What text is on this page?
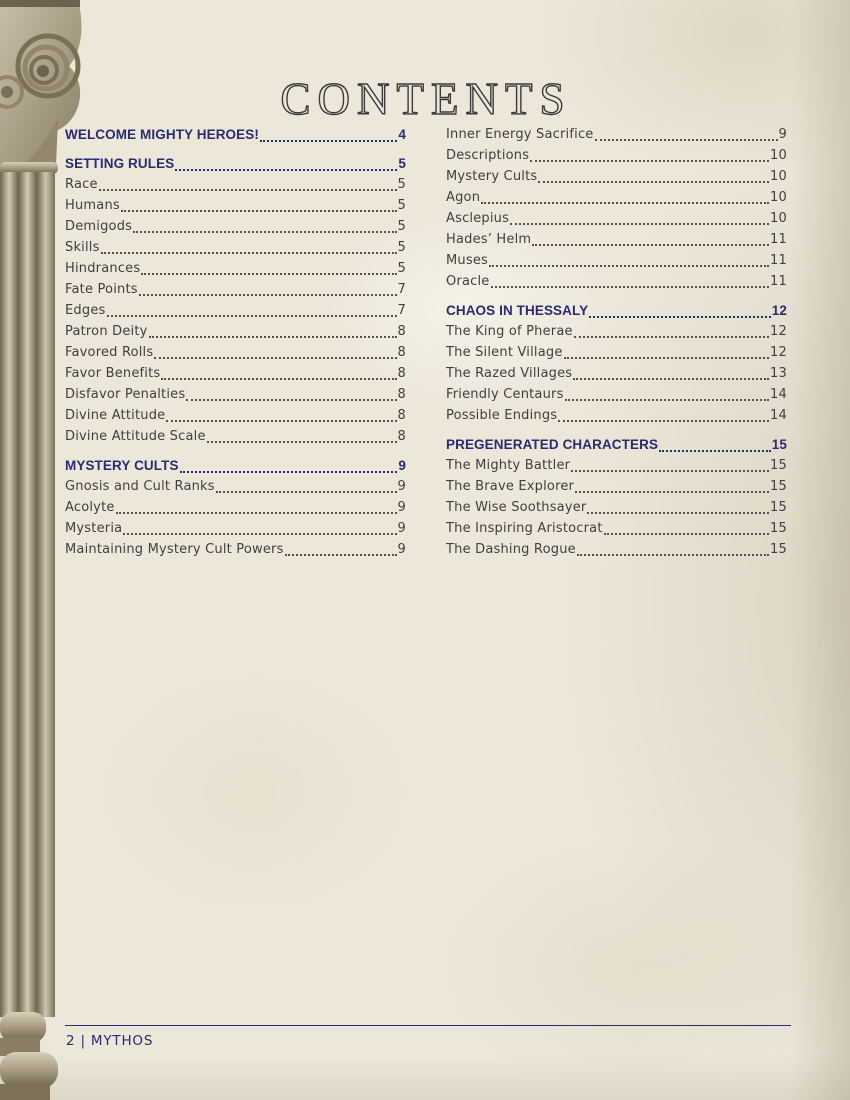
CONTENTS
WELCOME MIGHTY HEROES!	4
SETTING RULES	5
Race	5
Humans	5
Demigods	5
Skills	5
Hindrances	5
Fate Points	7
Edges	7
Patron Deity	8
Favored Rolls	8
Favor Benefits	8
Disfavor Penalties	8
Divine Attitude	8
Divine Attitude Scale	8
MYSTERY CULTS	9
Gnosis and Cult Ranks	9
Acolyte	9
Mysteria	9
Maintaining Mystery Cult Powers	9
Inner Energy Sacrifice	9
Descriptions	10
Mystery Cults	10
Agon	10
Asclepius	10
Hades’ Helm	11
Muses	11
Oracle	11
CHAOS IN THESSALY	12
The King of Pherae	12
The Silent Village	12
The Razed Villages	13
Friendly Centaurs	14
Possible Endings	14
PREGENERATED CHARACTERS	15
The Mighty Battler	15
The Brave Explorer	15
The Wise Soothsayer	15
The Inspiring Aristocrat	15
The Dashing Rogue	15
2 | MYTHOS
